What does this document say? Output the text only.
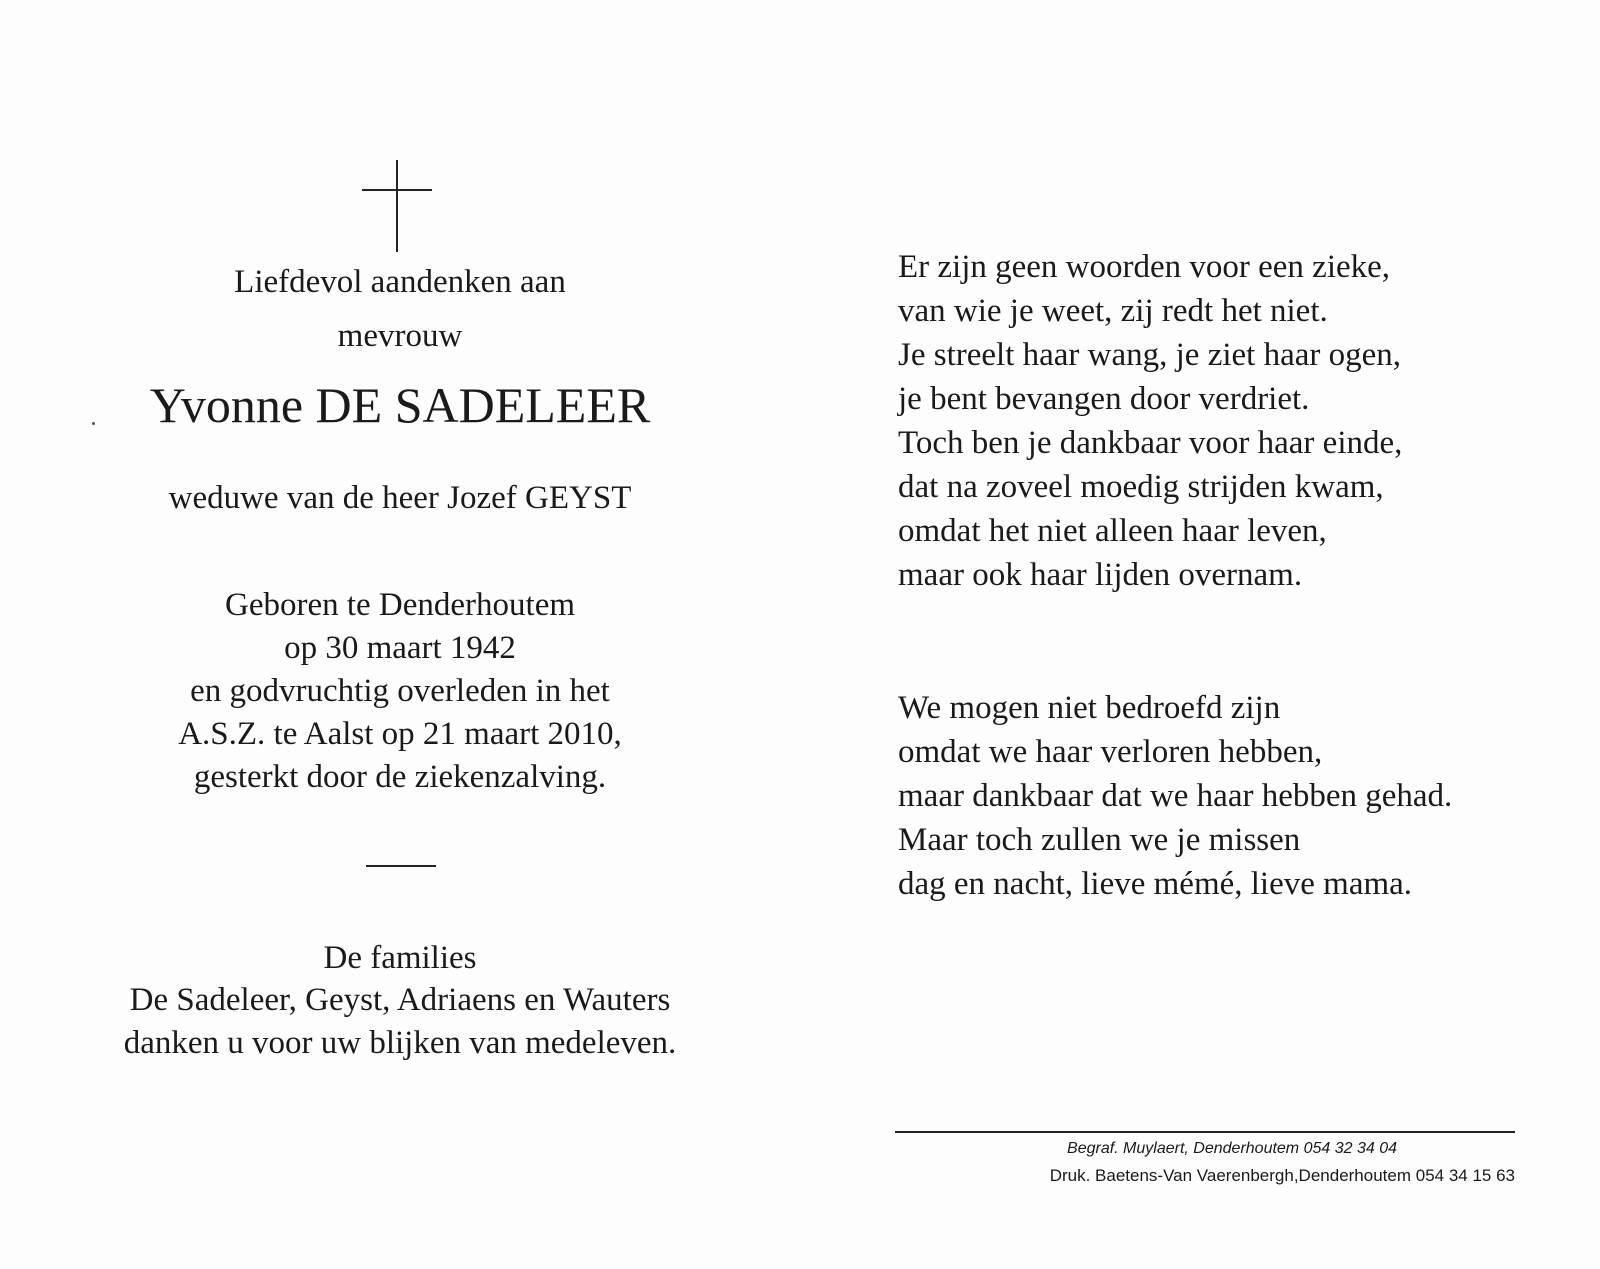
Liefdevol aandenken aan
mevrouw
Yvonne DE SADELEER
weduwe van de heer Jozef GEYST
Geboren te Denderhoutem
op 30 maart 1942
en godvruchtig overleden in het
A.S.Z. te Aalst op 21 maart 2010,
gesterkt door de ziekenzalving.
De families
De Sadeleer, Geyst, Adriaens en Wauters
danken u voor uw blijken van medeleven.
Er zijn geen woorden voor een zieke,
van wie je weet, zij redt het niet.
Je streelt haar wang, je ziet haar ogen,
je bent bevangen door verdriet.
Toch ben je dankbaar voor haar einde,
dat na zoveel moedig strijden kwam,
omdat het niet alleen haar leven,
maar ook haar lijden overnam.
We mogen niet bedroefd zijn
omdat we haar verloren hebben,
maar dankbaar dat we haar hebben gehad.
Maar toch zullen we je missen
dag en nacht, lieve mémé, lieve mama.
Begraf. Muylaert, Denderhoutem 054 32 34 04
Druk. Baetens-Van Vaerenbergh,Denderhoutem 054 34 15 63
